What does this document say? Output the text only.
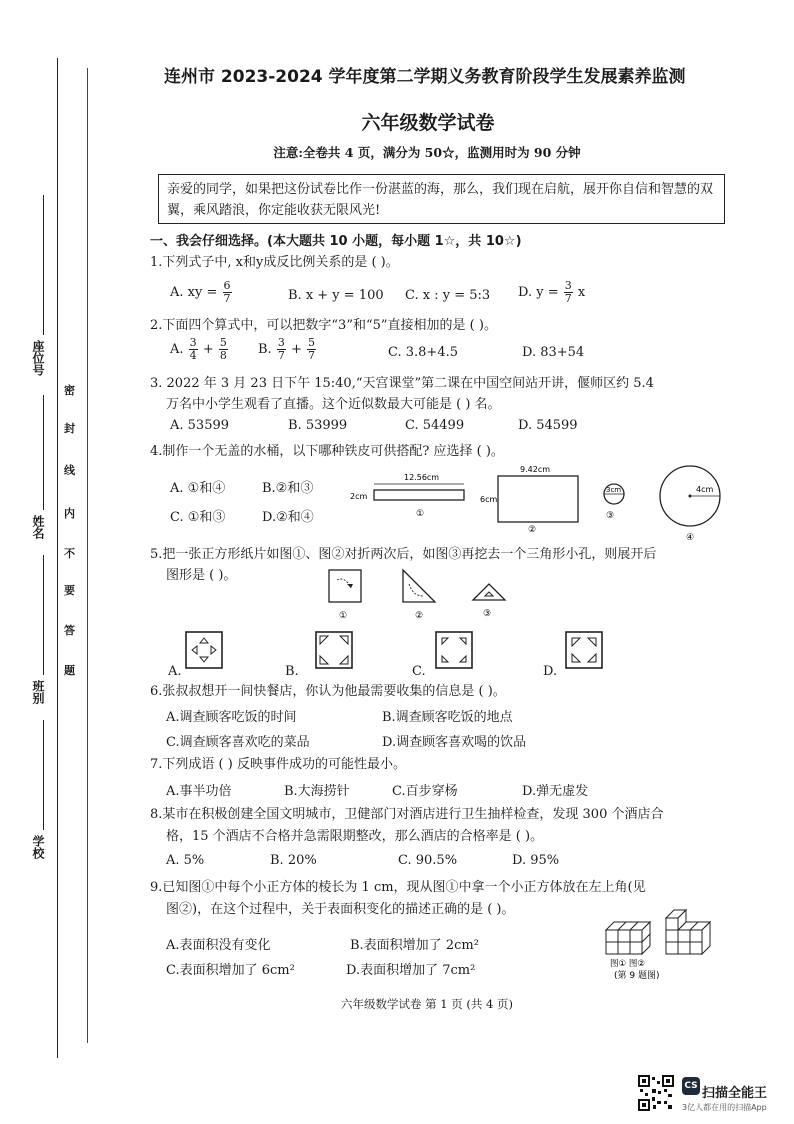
座位号
姓名
班别
学校
密
封
线
内
不
要
答
题
连州市 2023-2024 学年度第二学期义务教育阶段学生发展素养监测
六年级数学试卷
注意:全卷共 4 页，满分为 50☆，监测用时为 90 分钟
亲爱的同学，如果把这份试卷比作一份湛蓝的海，那么，我们现在启航，展开你自信和智慧的双翼，乘风踏浪，你定能收获无限风光!
一、我会仔细选择。(本大题共 10 小题，每小题 1☆，共 10☆)
1.下列式子中, x和y成反比例关系的是 ( )。
A. xy = $\frac{6}{7}$	B. x + y = 100 C. x : y = 5:3 D. $y = \frac{3}{7}$ x
2.下面四个算式中，可以把数字“3”和“5”直接相加的是 ( )。
A. $\frac{3}{4} + \frac{5}{8} B$. $\frac{3}{7} + \frac{5}{7}$	C. 3.8+4.5	D. 83+54
3. 2022 年 3 月 23 日下午 15:40,“天宫课堂”第二课在中国空间站开讲，偃师区约 5.4
万名中小学生观看了直播。这个近似数最大可能是 ( ) 名。
A. 53599	B. 53999	C. 54499	D. 54599
4.制作一个无盖的水桶，以下哪种铁皮可供搭配? 应选择 ( )。
A. ①和④	B.②和③
C. ①和③	D.②和④
12.56cm
2cm
①
9.42cm
6cm
②
3cm
③
4cm
④
5.把一张正方形纸片如图①、图②对折两次后，如图③再挖去一个三角形小孔，则展开后
图形是 ( )。
①	②	③
A.	B.	C.	D.
6.张叔叔想开一间快餐店，你认为他最需要收集的信息是 ( )。
A.调查顾客吃饭的时间	B.调查顾客吃饭的地点
C.调查顾客喜欢吃的菜品	D.调查顾客喜欢喝的饮品
7.下列成语 ( ) 反映事件成功的可能性最小。
A.事半功倍	B.大海捞针	C.百步穿杨	D.弹无虚发
8.某市在积极创建全国文明城市，卫健部门对酒店进行卫生抽样检查，发现 300 个酒店合
格，15 个酒店不合格并急需限期整改，那么酒店的合格率是 ( )。
A. 5%	B. 20%	C. 90.5%	D. 95%
9.已知图①中每个小正方体的棱长为 1 cm，现从图①中拿一个小正方体放在左上角(见
图②)，在这个过程中，关于表面积变化的描述正确的是 ( )。
A.表面积没有变化	B.表面积增加了 2cm²
C.表面积增加了 6cm²	D.表面积增加了 7cm²	图① 图②
(第 9 题图)
六年级数学试卷 第 1 页 (共 4 页)
CS 扫描全能王
3亿人都在用的扫描App
